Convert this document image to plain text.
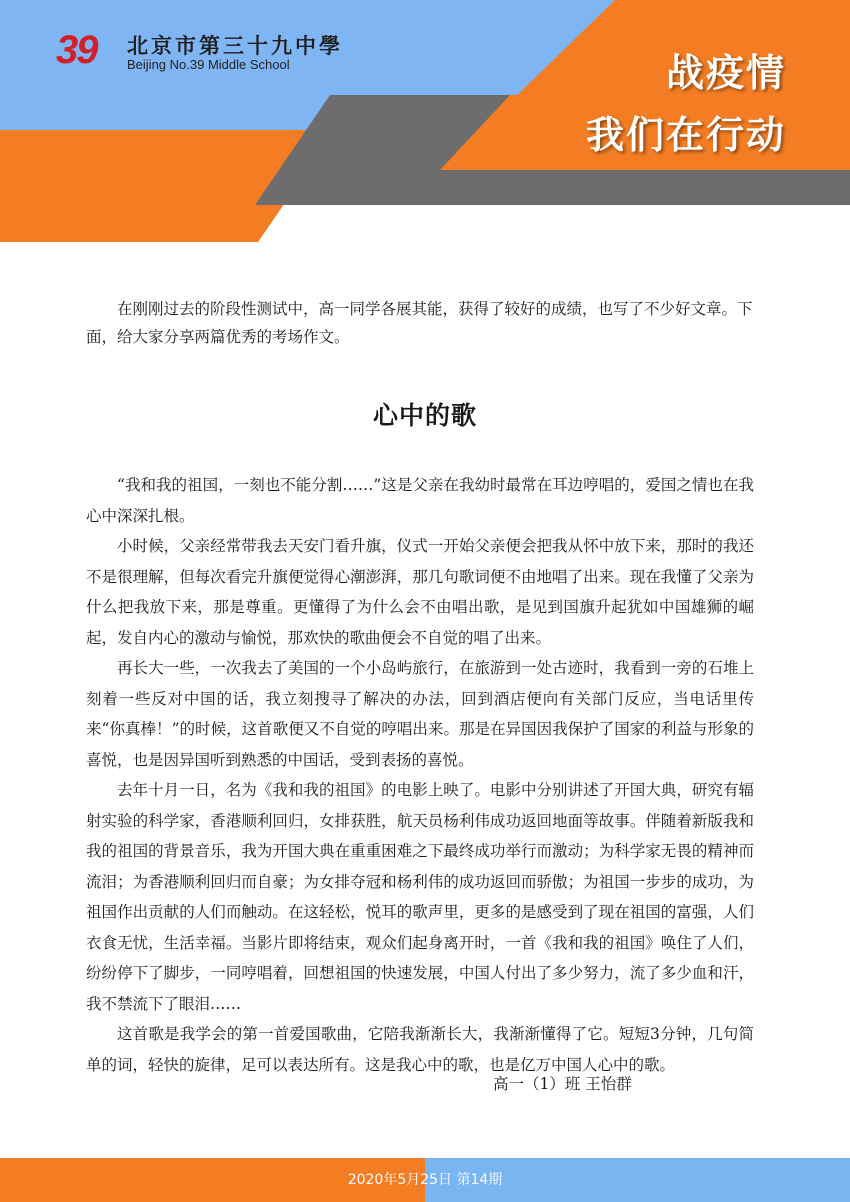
39	北京市第三十九中學
Beijing No.39 Middle School	战疫情
我们在行动

在刚刚过去的阶段性测试中，高一同学各展其能，获得了较好的成绩，也写了不少好文章。下面，给大家分享两篇优秀的考场作文。

心中的歌

“我和我的祖国，一刻也不能分割……”这是父亲在我幼时最常在耳边哼唱的，爱国之情也在我心中深深扎根。

小时候，父亲经常带我去天安门看升旗，仪式一开始父亲便会把我从怀中放下来，那时的我还不是很理解，但每次看完升旗便觉得心潮澎湃，那几句歌词便不由地唱了出来。现在我懂了父亲为什么把我放下来，那是尊重。更懂得了为什么会不由唱出歌，是见到国旗升起犹如中国雄狮的崛起，发自内心的激动与愉悦，那欢快的歌曲便会不自觉的唱了出来。

再长大一些，一次我去了美国的一个小岛屿旅行，在旅游到一处古迹时，我看到一旁的石堆上刻着一些反对中国的话，我立刻搜寻了解决的办法，回到酒店便向有关部门反应，当电话里传来“你真棒！”的时候，这首歌便又不自觉的哼唱出来。那是在异国因我保护了国家的利益与形象的喜悦，也是因异国听到熟悉的中国话，受到表扬的喜悦。

去年十月一日，名为《我和我的祖国》的电影上映了。电影中分别讲述了开国大典，研究有辐射实验的科学家，香港顺利回归，女排获胜，航天员杨利伟成功返回地面等故事。伴随着新版我和我的祖国的背景音乐，我为开国大典在重重困难之下最终成功举行而激动；为科学家无畏的精神而流泪；为香港顺利回归而自豪；为女排夺冠和杨利伟的成功返回而骄傲；为祖国一步步的成功，为祖国作出贡献的人们而触动。在这轻松，悦耳的歌声里，更多的是感受到了现在祖国的富强，人们衣食无忧，生活幸福。当影片即将结束，观众们起身离开时，一首《我和我的祖国》唤住了人们，纷纷停下了脚步，一同哼唱着，回想祖国的快速发展，中国人付出了多少努力，流了多少血和汗，我不禁流下了眼泪……

这首歌是我学会的第一首爱国歌曲，它陪我渐渐长大，我渐渐懂得了它。短短3分钟，几句简单的词，轻快的旋律，足可以表达所有。这是我心中的歌，也是亿万中国人心中的歌。

高一（1）班 王怡群
2020年5月25日 第14期
